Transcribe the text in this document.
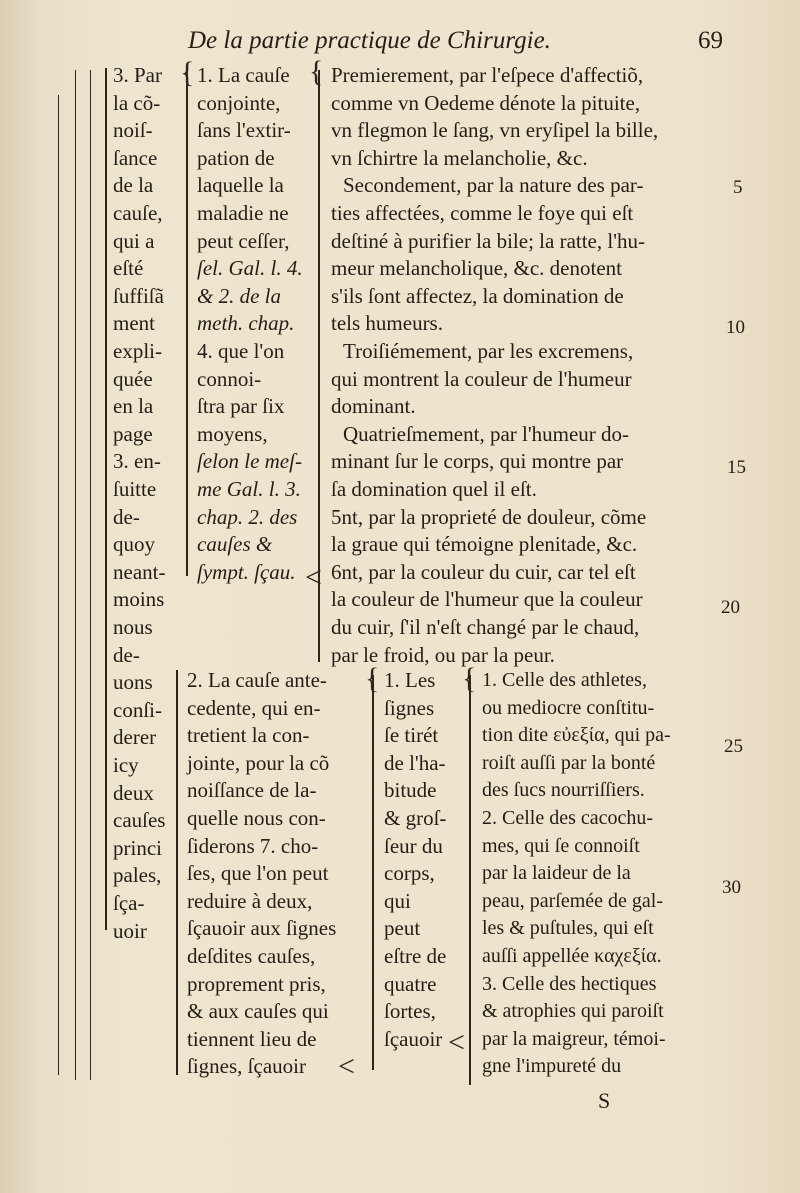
De la partie practique de Chirurgie.	69
3. Par
la cõ-
noiſ-
ſance
de la
cauſe,
qui a
eſté
ſuffiſã
ment
expli-
quée
en la
page
3. en-
ſuitte
de-
quoy
neant-
moins
nous
de-
uons
conſi-
derer
icy
deux
cauſes
princi
pales,
ſça-
uoir
1. La cauſe
conjointe,
ſans l'extir-
pation de
laquelle la
maladie ne
peut ceſſer,
ſel. Gal. l. 4.
& 2. de la
meth. chap.
4. que l'on
connoi-
ſtra par ſix
moyens,
ſelon le meſ-
me Gal. l. 3.
chap. 2. des
cauſes &
ſympt. ſçau.
{	Premierement, par l'eſpece d'affectiõ,
comme vn Oedeme dénote la pituite,
vn flegmon le ſang, vn eryſipel la bille,
vn ſchirtre la melancholie, &c.
Secondement, par la nature des par-
ties affectées, comme le foye qui eſt
deſtiné à purifier la bile; la ratte, l'hu-
meur melancholique, &c. denotent
s'ils ſont affectez, la domination de
tels humeurs.
Troiſiémement, par les excremens,
qui montrent la couleur de l'humeur
dominant.
Quatrieſmement, par l'humeur do-
minant ſur le corps, qui montre par
ſa domination quel il eſt.
5nt, par la proprieté de douleur, cõme
la graue qui témoigne plenitade, &c.
6nt, par la couleur du cuir, car tel eſt
la couleur de l'humeur que la couleur
du cuir, ſ'il n'eſt changé par le chaud,
par le froid, ou par la peur.
{
<
2. La cauſe ante-
cedente, qui en-
tretient la con-
jointe, pour la cõ
noiſſance de la-
quelle nous con-
ſiderons 7. cho-
ſes, que l'on peut
reduire à deux,
ſçauoir aux ſignes
deſdites cauſes,
proprement pris,
& aux cauſes qui
tiennent lieu de
ſignes, ſçauoir
1. Les
ſignes
ſe tirét
de l'ha-
bitude
& groſ-
ſeur du
corps,
qui
peut
eſtre de
quatre
ſortes,
ſçauoir
{
<
1. Celle des athletes,
ou mediocre conſtitu-
tion dite εὐεξία, qui pa-
roiſt auſſi par la bonté
des ſucs nourriſſiers.
2. Celle des cacochu-
mes, qui ſe connoiſt
par la laideur de la
peau, parſemée de gal-
les & puſtules, qui eſt
auſſi appellée καχεξία.
3. Celle des hectiques
& atrophies qui paroiſt
par la maigreur, témoi-
gne l'impureté du
{
<
5
10
15
20
25
30
S
